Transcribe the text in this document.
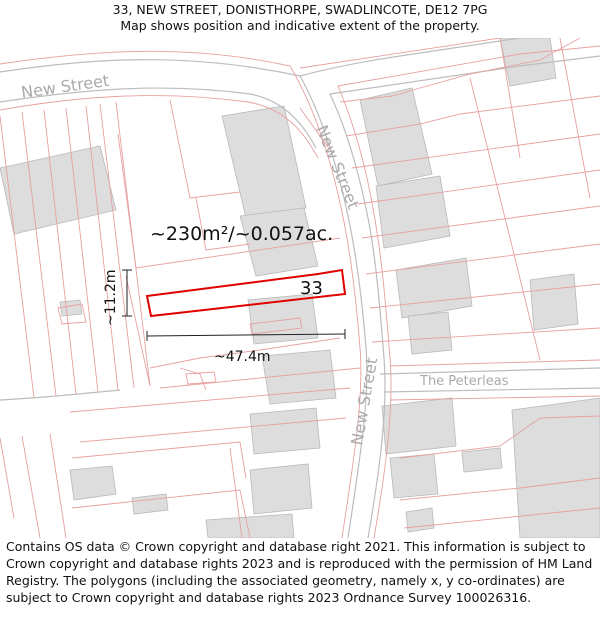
33, NEW STREET, DONISTHORPE, SWADLINCOTE, DE12 7PG
Map shows position and indicative extent of the property.
New Street
New Street
New Street	The Peterleas
~230m²/~0.057ac.
33
~11.2m
~47.4m
Contains OS data © Crown copyright and database right 2021. This information is subject to Crown copyright and database rights 2023 and is reproduced with the permission of HM Land Registry. The polygons (including the associated geometry, namely x, y co-ordinates) are subject to Crown copyright and database rights 2023 Ordnance Survey 100026316.
